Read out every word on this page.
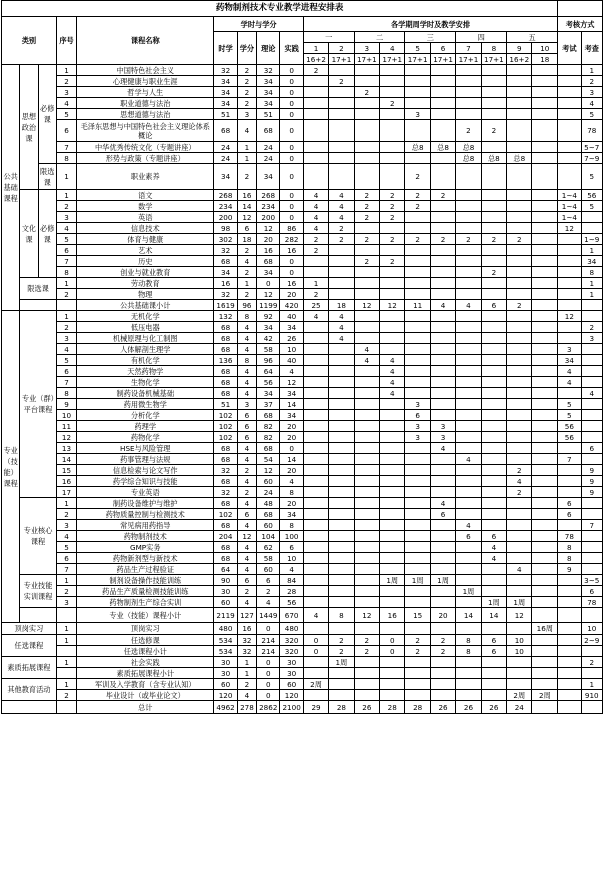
药物制剂技术专业教学进程安排表																				
类别			序号	课程名称	学时与学分				各学期周学时及教学安排										考核方式	
					时学	学分	理论	实践	一		二		三		四		五		考试	考查
									1	2	3	4	5	6	7	8	9	10		
									16+2	17+1	17+1	17+1	17+1	17+1	17+1	17+1	16+2	18		
公共基础课程	思想政治课	必修课	1	中国特色社会主义	32	2	32	0	2											1
			2	心理健康与职业生涯	34	2	34	0		2										2
			3	哲学与人生	34	2	34	0			2									3
			4	职业道德与法治	34	2	34	0				2								4
			5	思想道德与法治	51	3	51	0					3							5
			6	毛泽东思想与中国特色社会主义理论体系概论	68	4	68	0							2	2				78
			7	中华优秀传统文化（专题讲座）	24	1	24	0					总8	总8	总8					5~7
			8	形势与政策（专题讲座）	24	1	24	0							总8	总8	总8			7~9
		限选课	1	职业素养	34	2	34	0					2							5
	文化课	必修课	1	语文	268	16	268	0	4	4	2	2	2	2					1~4	56
			2	数学	234	14	234	0	4	4	2	2	2						1~4	5
			3	英语	200	12	200	0	4	4	2	2							1~4	
			4	信息技术	98	6	12	86	4	2									12	
			5	体育与健康	302	18	20	282	2	2	2	2	2	2	2	2	2			1~9
			6	艺术	32	2	16	16	2											1
			7	历史	68	4	68	0			2	2								34
			8	创业与就业教育	34	2	34	0								2				8
	限选课		1	劳动教育	16	1	0	16	1											1
			2	物理	32	2	12	20	2											1
				公共基础课小计	1619	96	1199	420	25	18	12	12	11	4	4	6	2			
专业（技能）课程	专业（群）平台课程		1	无机化学	132	8	92	40	4	4									12	
			2	低压电器	68	4	34	34		4										2
			3	机械原理与化工制图	68	4	42	26		4										3
			4	人体解剖生理学	68	4	58	10			4								3	
			5	有机化学	136	8	96	40			4	4							34	
			6	天然药物学	68	4	64	4				4							4	
			7	生物化学	68	4	56	12				4							4	
			8	制药设备机械基础	68	4	34	34				4								4
			9	药用微生物学	51	3	37	14					3						5	
			10	分析化学	102	6	68	34					6						5	
			11	药理学	102	6	82	20					3	3					56	
			12	药物化学	102	6	82	20					3	3					56	
			13	HSE与风险管理	68	4	68	0						4						6
			14	药事管理与法规	68	4	54	14							4				7	
			15	信息检索与论文写作	32	2	12	20									2			9
			16	药学综合知识与技能	68	4	60	4									4			9
			17	专业英语	32	2	24	8									2			9
	专业核心课程		1	制药设备维护与维护	68	4	48	20						4					6	
			2	药物质量控制与检测技术	102	6	68	34						6					6	
			3	常见病用药指导	68	4	60	8							4					7
			4	药物制剂技术	204	12	104	100							6	6			78	
			5	GMP实务	68	4	62	6								4			8	
			6	药物新剂型与新技术	68	4	58	10								4			8	
			7	药品生产过程验证	64	4	60	4									4		9	
	专业技能实训课程		1	制剂设备操作技能训练	90	6	6	84				1周	1周	1周						3~5
			2	药品生产质量检测技能训练	30	2	2	28							1周					6
			3	药物制剂生产综合实训	60	4	4	56								1周	1周			78
				专业（技能）课程小计	2119	127	1449	670	4	8	12	16	15	20	14	14	12			
顶岗实习			1	顶岗实习	480	16	0	480										16周		10
任选课程			1	任选修课	534	32	214	320	0	2	2	0	2	2	8	6	10			2~9
				任选课程小计	534	32	214	320	0	2	2	0	2	2	8	6	10			
素质拓展课程			1	社会实践	30	1	0	30		1周										2
				素质拓展课程小计	30	1	0	30												
其他教育活动			1	军训及入学教育（含专业认知）	60	2	0	60	2周											1
			2	毕业设计（或毕业论文）	120	4	0	120									2周	2周		910
				总计	4962	278	2862	2100	29	28	26	28	28	26	26	26	24			
